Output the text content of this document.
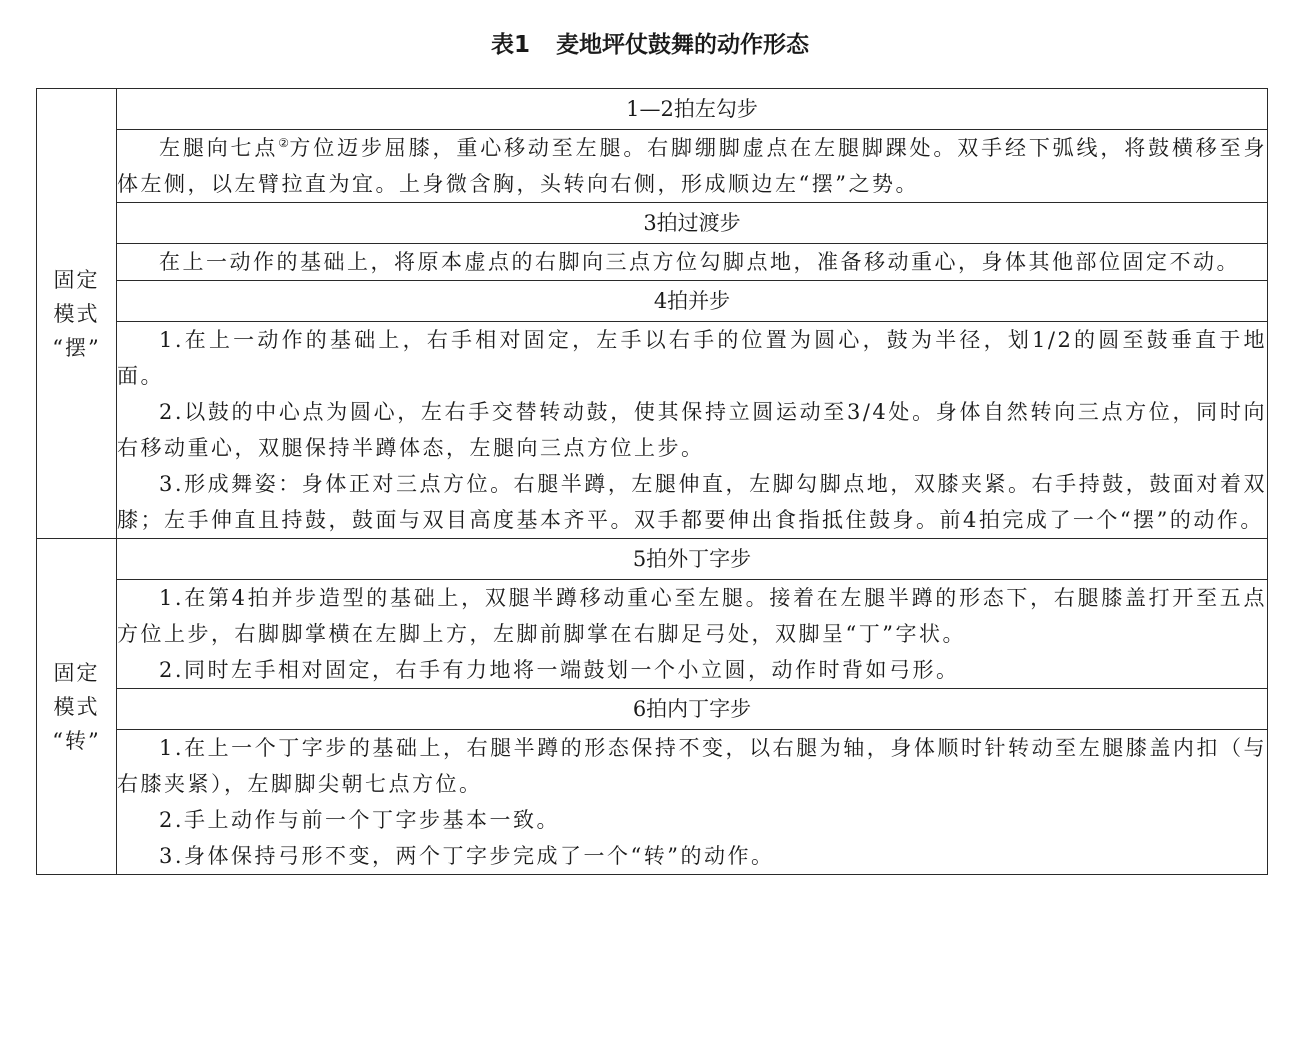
表1 麦地坪仗鼓舞的动作形态
固定
模式
“摆”	1—2拍左勾步

	左腿向七点②方位迈步屈膝，重心移动至左腿。右脚绷脚虚点在左腿脚踝处。双手经下弧线，将鼓横移至身体左侧，以左臂拉直为宜。上身微含胸，头转向右侧，形成顺边左“摆”之势。

	3拍过渡步

	在上一动作的基础上，将原本虚点的右脚向三点方位勾脚点地，准备移动重心，身体其他部位固定不动。

	4拍并步

	1.在上一动作的基础上，右手相对固定，左手以右手的位置为圆心，鼓为半径，划1/2的圆至鼓垂直于地面。

2.以鼓的中心点为圆心，左右手交替转动鼓，使其保持立圆运动至3/4处。身体自然转向三点方位，同时向右移动重心，双腿保持半蹲体态，左腿向三点方位上步。

3.形成舞姿：身体正对三点方位。右腿半蹲，左腿伸直，左脚勾脚点地，双膝夹紧。右手持鼓，鼓面对着双膝；左手伸直且持鼓，鼓面与双目高度基本齐平。双手都要伸出食指抵住鼓身。前4拍完成了一个“摆”的动作。

固定
模式
“转”	5拍外丁字步

	1.在第4拍并步造型的基础上，双腿半蹲移动重心至左腿。接着在左腿半蹲的形态下，右腿膝盖打开至五点方位上步，右脚脚掌横在左脚上方，左脚前脚掌在右脚足弓处，双脚呈“丁”字状。

2.同时左手相对固定，右手有力地将一端鼓划一个小立圆，动作时背如弓形。

	6拍内丁字步

	1.在上一个丁字步的基础上，右腿半蹲的形态保持不变，以右腿为轴，身体顺时针转动至左腿膝盖内扣（与右膝夹紧），左脚脚尖朝七点方位。

2.手上动作与前一个丁字步基本一致。

3.身体保持弓形不变，两个丁字步完成了一个“转”的动作。
